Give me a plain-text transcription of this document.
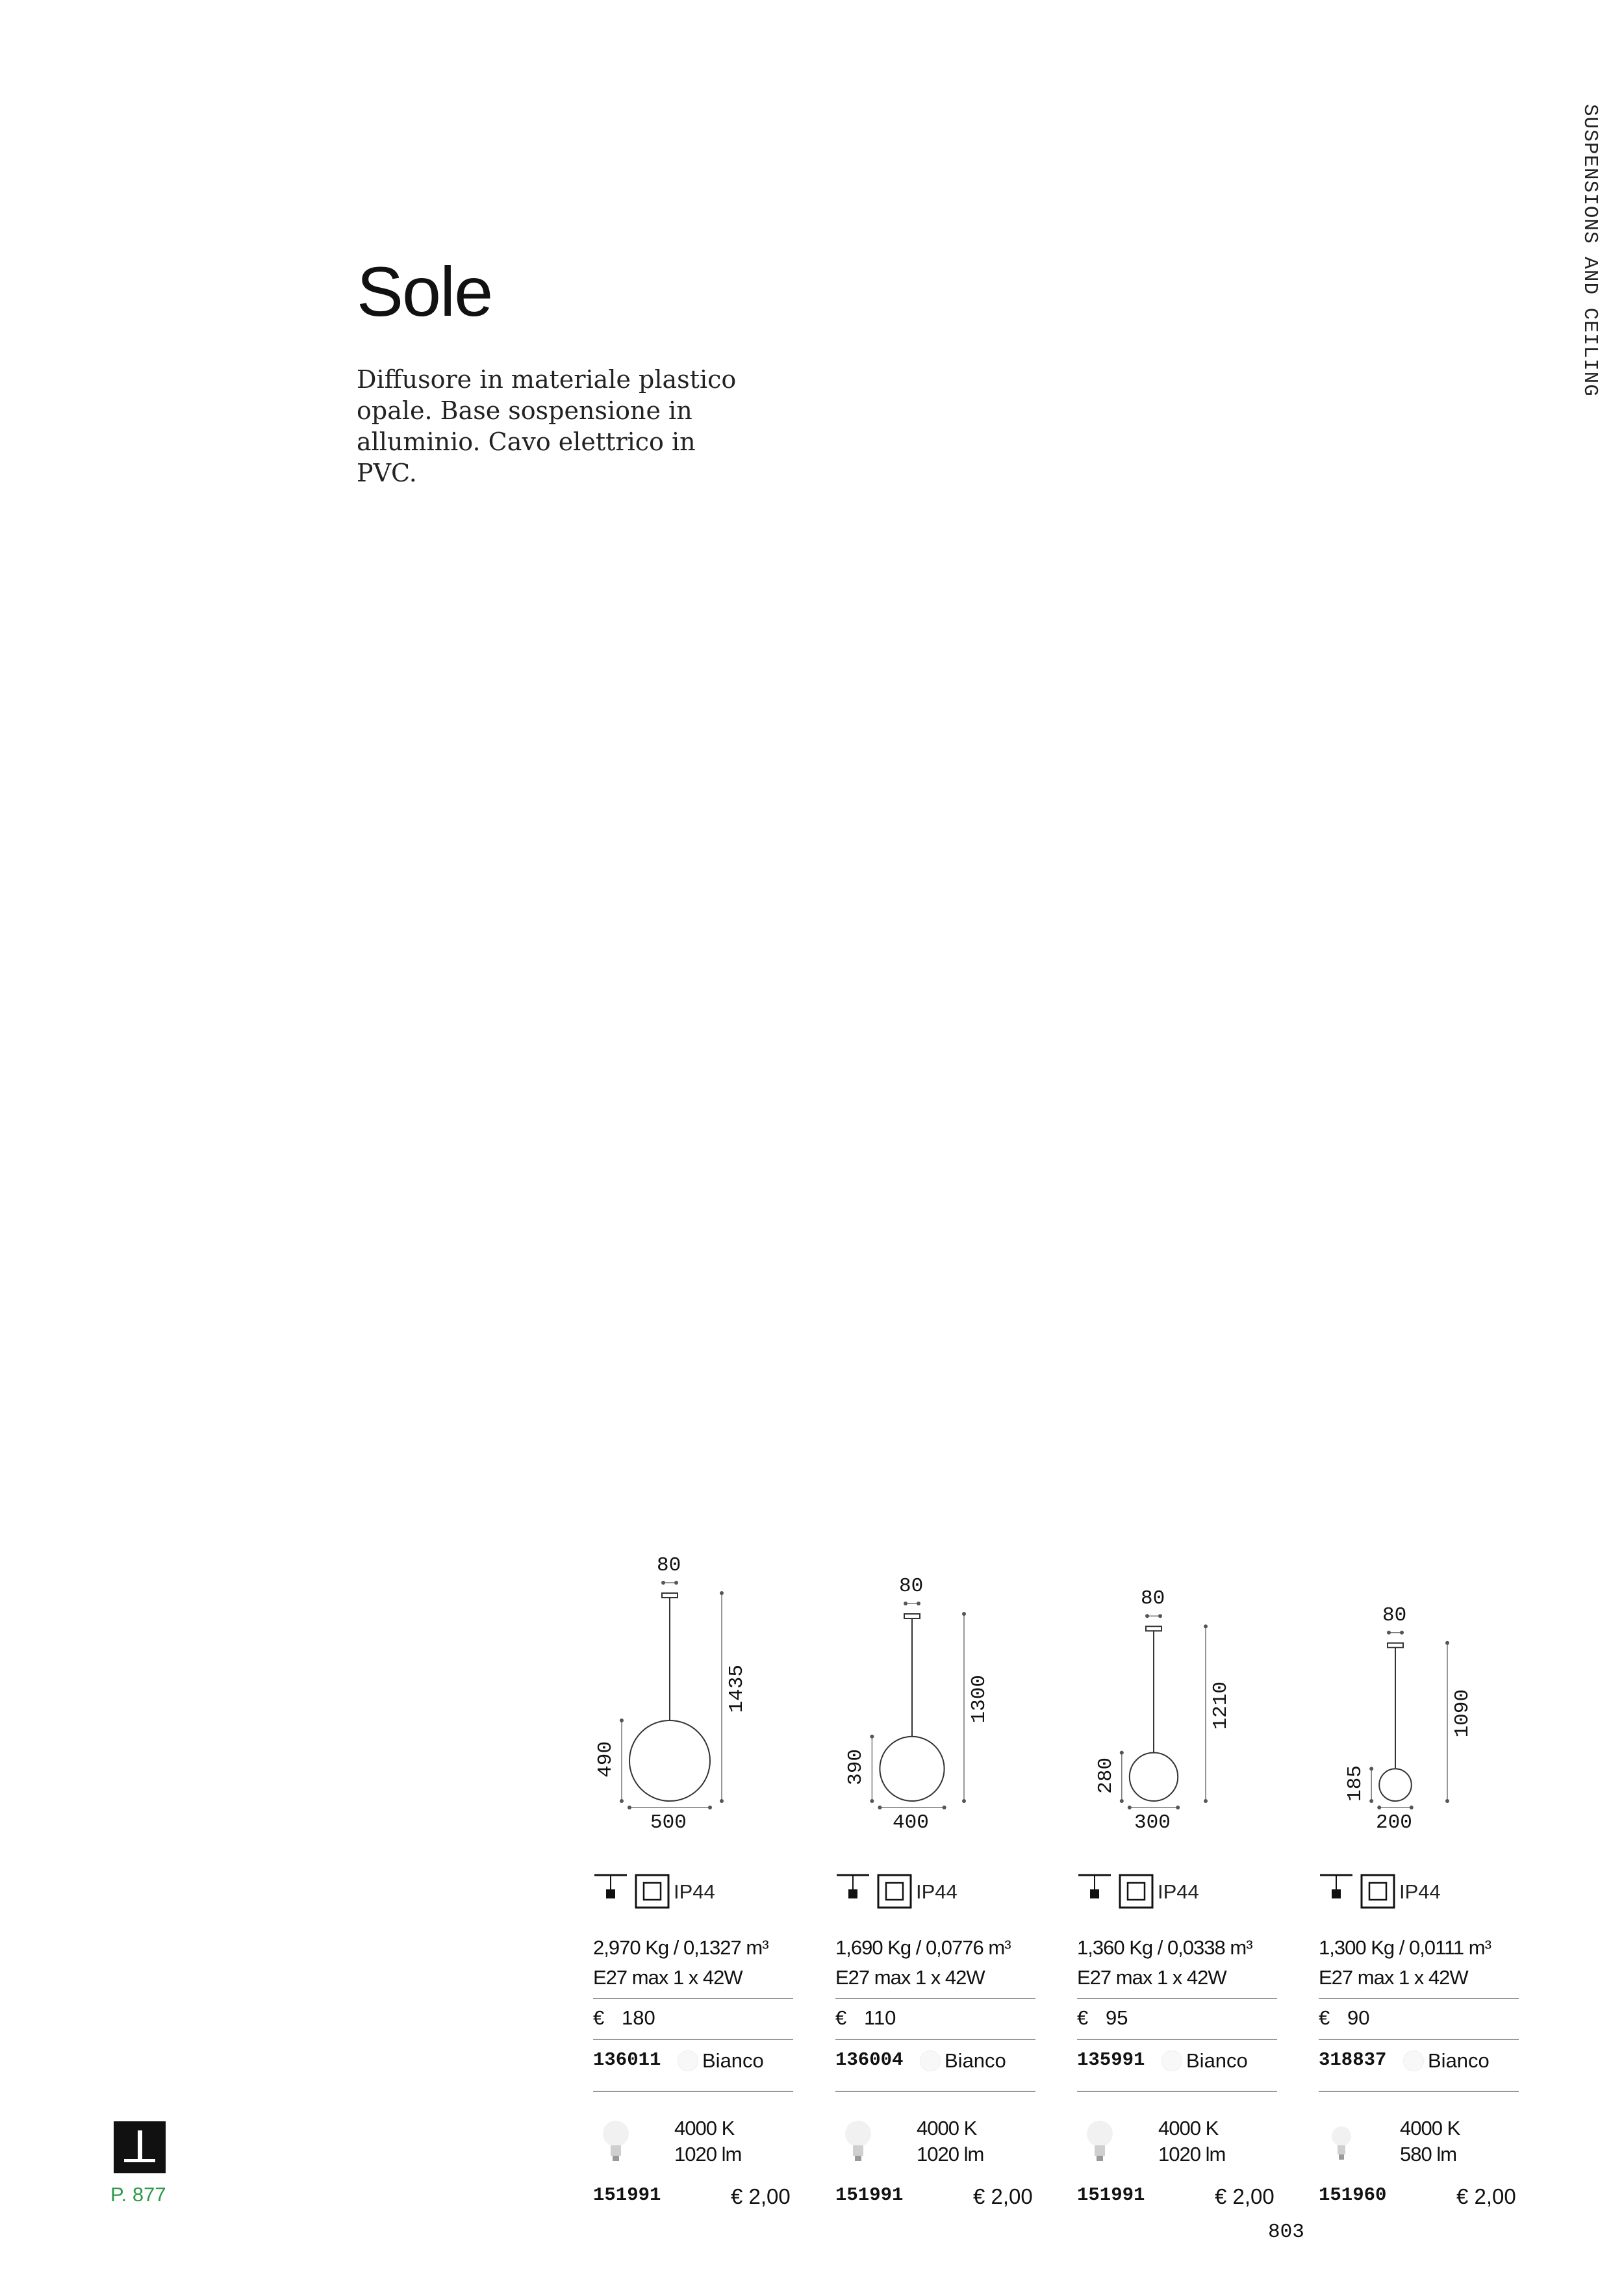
SUSPENSIONS AND CEILING
Sole
Diffusore in materiale plastico opale. Base sospensione in alluminio. Cavo elettrico in PVC.
80
1435
490
500
IP44
2,970 Kg / 0,1327 m³
E27 max 1 x 42W
€ 180
136011 Bianco
4000 K
1020 lm
151991	€ 2,00
80
1300
390
400
IP44
1,690 Kg / 0,0776 m³
E27 max 1 x 42W
€ 110
136004 Bianco
4000 K
1020 lm
151991	€ 2,00
80
1210
280
300
IP44
1,360 Kg / 0,0338 m³
E27 max 1 x 42W
€ 95
135991 Bianco
4000 K
1020 lm
151991	€ 2,00
80
1090
185
200
IP44
1,300 Kg / 0,0111 m³
E27 max 1 x 42W
€ 90
318837 Bianco
4000 K
580 lm
151960	€ 2,00
P. 877
803
